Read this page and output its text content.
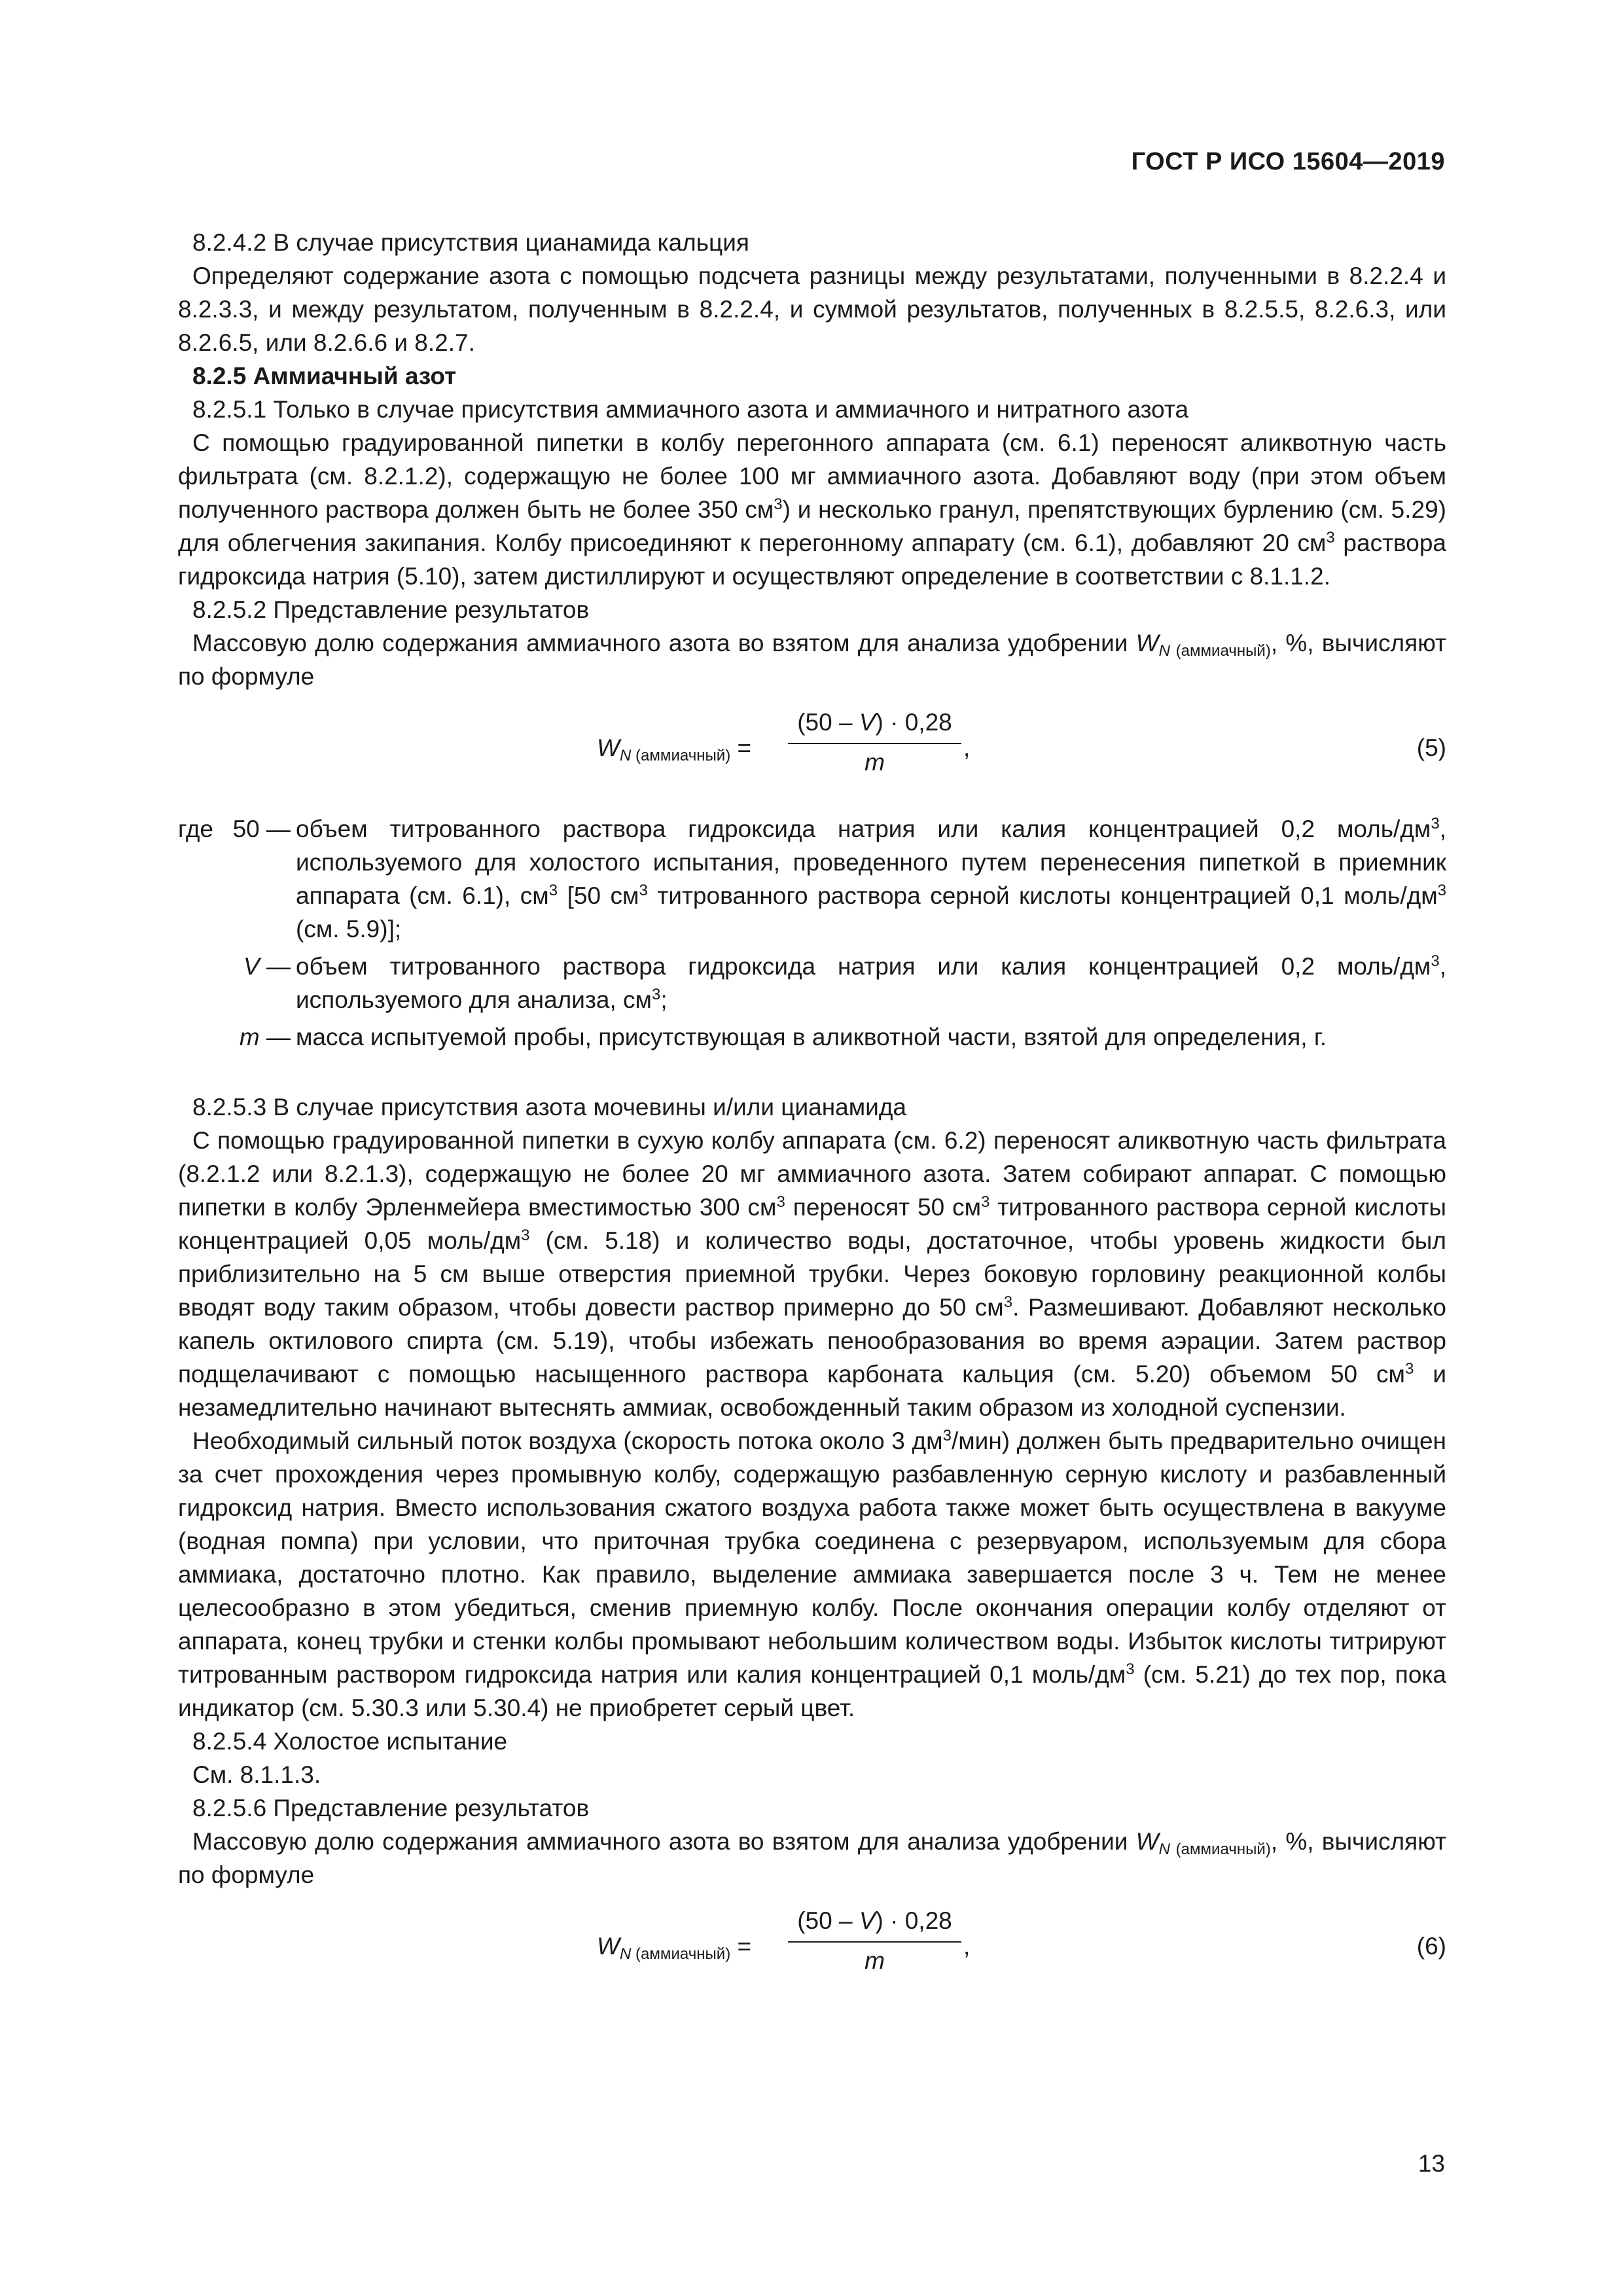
ГОСТ Р ИСО 15604—2019

8.2.4.2 В случае присутствия цианамида кальция

Определяют содержание азота с помощью подсчета разницы между результатами, полученными в 8.2.2.4 и 8.2.3.3, и между результатом, полученным в 8.2.2.4, и суммой результатов, полученных в 8.2.5.5, 8.2.6.3, или 8.2.6.5, или 8.2.6.6 и 8.2.7.

8.2.5 Аммиачный азот

8.2.5.1 Только в случае присутствия аммиачного азота и аммиачного и нитратного азота

С помощью градуированной пипетки в колбу перегонного аппарата (см. 6.1) переносят аликвотную часть фильтрата (см. 8.2.1.2), содержащую не более 100 мг аммиачного азота. Добавляют воду (при этом объем полученного раствора должен быть не более 350 $см^3$) и несколько гранул, препятствующих бурлению (см. 5.29) для облегчения закипания. Колбу присоединяют к перегонному аппарату (см. 6.1), добавляют 20 $см^3$ раствора гидроксида натрия (5.10), затем дистиллируют и осуществляют определение в соответствии с 8.1.1.2.

8.2.5.2 Представление результатов

Массовую долю содержания аммиачного азота во взятом для анализа удобрении $W_{N (аммиачный)}$, %, вычисляют по формуле

$W_{N (аммиачный)}$ =
(50 – V) · 0,28
m
,	(5)
где 50 — объем титрованного раствора гидроксида натрия или калия концентрацией 0,2 моль/$дм^3$, используемого для холостого испытания, проведенного путем перенесения пипеткой в приемник аппарата (см. 6.1), $см^3$ [50 $см^3$ титрованного раствора серной кислоты концентрацией 0,1 моль/$дм^3$ (см. 5.9)];
V — объем титрованного раствора гидроксида натрия или калия концентрацией 0,2 моль/$дм^3$, используемого для анализа, $см^3$;
m — масса испытуемой пробы, присутствующая в аликвотной части, взятой для определения, г.

8.2.5.3 В случае присутствия азота мочевины и/или цианамида

С помощью градуированной пипетки в сухую колбу аппарата (см. 6.2) переносят аликвотную часть фильтрата (8.2.1.2 или 8.2.1.3), содержащую не более 20 мг аммиачного азота. Затем собирают аппарат. С помощью пипетки в колбу Эрленмейера вместимостью 300 $см^3$ переносят 50 $см^3$ титрованного раствора серной кислоты концентрацией 0,05 моль/$дм^3$ (см. 5.18) и количество воды, достаточное, чтобы уровень жидкости был приблизительно на 5 см выше отверстия приемной трубки. Через боковую горловину реакционной колбы вводят воду таким образом, чтобы довести раствор примерно до 50 $см^3$. Размешивают. Добавляют несколько капель октилового спирта (см. 5.19), чтобы избежать пенообразования во время аэрации. Затем раствор подщелачивают с помощью насыщенного раствора карбоната кальция (см. 5.20) объемом 50 $см^3$ и незамедлительно начинают вытеснять аммиак, освобожденный таким образом из холодной суспензии.

Необходимый сильный поток воздуха (скорость потока около 3 $дм^3/мин$) должен быть предварительно очищен за счет прохождения через промывную колбу, содержащую разбавленную серную кислоту и разбавленный гидроксид натрия. Вместо использования сжатого воздуха работа также может быть осуществлена в вакууме (водная помпа) при условии, что приточная трубка соединена с резервуаром, используемым для сбора аммиака, достаточно плотно. Как правило, выделение аммиака завершается после 3 ч. Тем не менее целесообразно в этом убедиться, сменив приемную колбу. После окончания операции колбу отделяют от аппарата, конец трубки и стенки колбы промывают небольшим количеством воды. Избыток кислоты титрируют титрованным раствором гидроксида натрия или калия концентрацией 0,1 моль/$дм^3$ (см. 5.21) до тех пор, пока индикатор (см. 5.30.3 или 5.30.4) не приобретет серый цвет.

8.2.5.4 Холостое испытание

См. 8.1.1.3.

8.2.5.6 Представление результатов

Массовую долю содержания аммиачного азота во взятом для анализа удобрении $W_{N (аммиачный)}$, %, вычисляют по формуле

$W_{N (аммиачный)}$ =
(50 – V) · 0,28
m
,	(6)
13
